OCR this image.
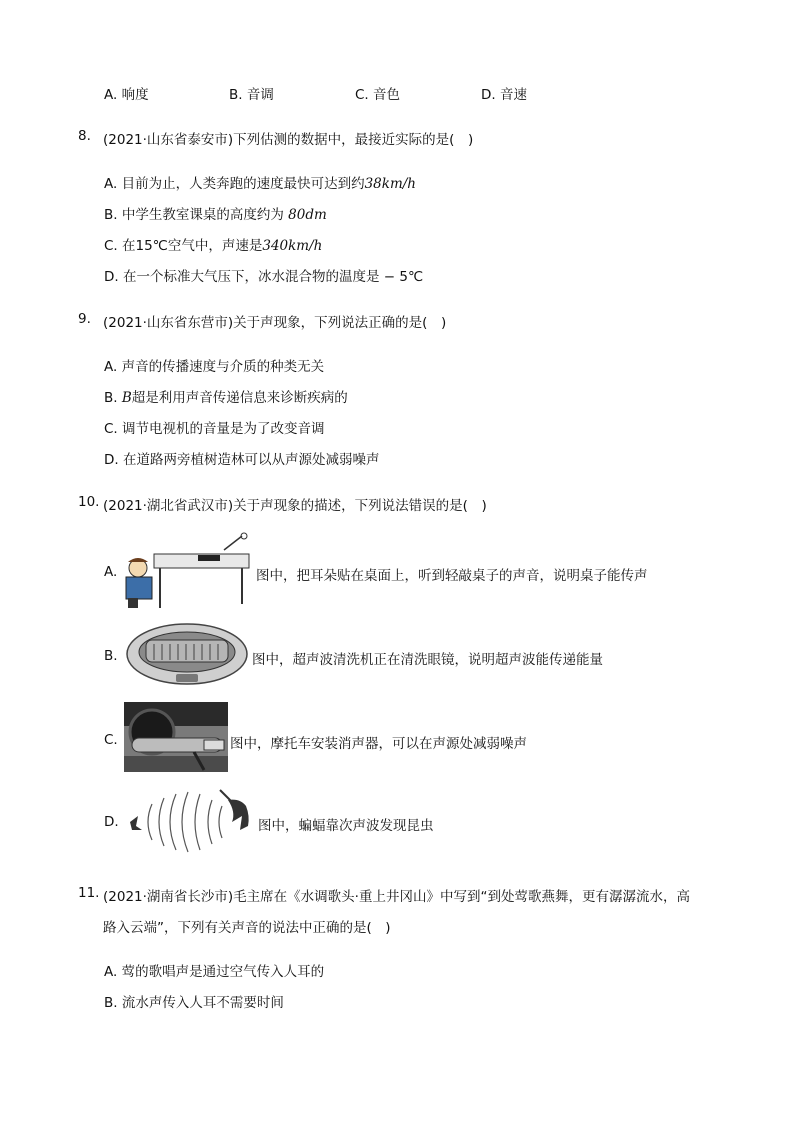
A. 响度	B. 音调	C. 音色	D. 音速
8. (2021·山东省泰安市)下列估测的数据中，最接近实际的是(　)
A. 目前为止，人类奔跑的速度最快可达到约38km/h
B. 中学生教室课桌的高度约为 80dm
C. 在15℃空气中，声速是340km/h
D. 在一个标准大气压下，冰水混合物的温度是 − 5℃
9. (2021·山东省东营市)关于声现象，下列说法正确的是(　)
A. 声音的传播速度与介质的种类无关
B. B超是利用声音传递信息来诊断疾病的
C. 调节电视机的音量是为了改变音调
D. 在道路两旁植树造林可以从声源处减弱噪声
10. (2021·湖北省武汉市)关于声现象的描述，下列说法错误的是(　)
A.	图中，把耳朵贴在桌面上，听到轻敲桌子的声音，说明桌子能传声
B.	图中，超声波清洗机正在清洗眼镜，说明超声波能传递能量
C.	图中，摩托车安装消声器，可以在声源处减弱噪声
D.	图中，蝙蝠靠次声波发现昆虫
11. (2021·湖南省长沙市)毛主席在《水调歌头·重上井冈山》中写到“到处莺歌燕舞，更有潺潺流水，高
路入云端”，下列有关声音的说法中正确的是(　)
A. 莺的歌唱声是通过空气传入人耳的
B. 流水声传入人耳不需要时间
